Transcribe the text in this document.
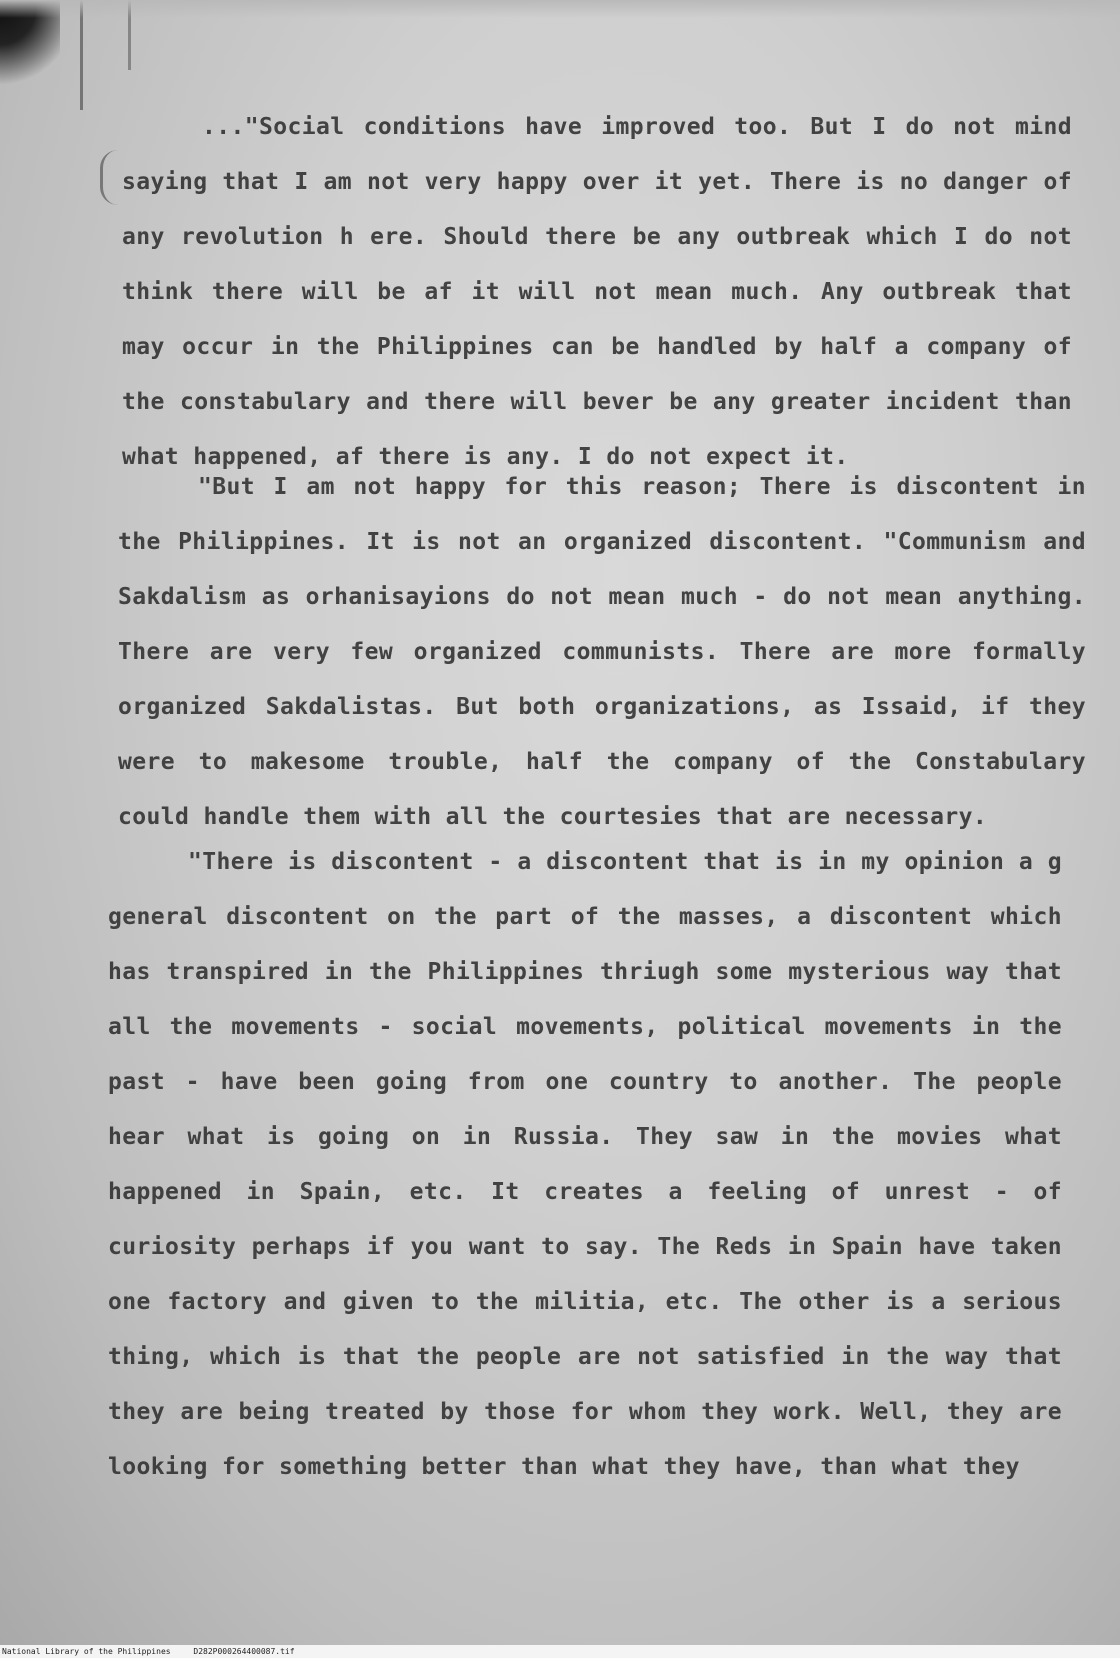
..."Social conditions have improved too. But I do not mind saying that I am not very happy over it yet. There is no danger of any revolution h ere. Should there be any outbreak which I do not think there will be af it will not mean much. Any outbreak that may occur in the Philippines can be handled by half a company of the constabulary and there will bever be any greater incident than what happened, af there is any. I do not expect it.

"But I am not happy for this reason; There is discontent in the Philippines. It is not an organized discontent. "Communism and Sakdalism as orhanisayions do not mean much - do not mean anything. There are very few organized communists. There are more formally organized Sakdalistas. But both organizations, as Issaid, if they were to makesome trouble, half the company of the Constabulary could handle them with all the courtesies that are necessary.

"There is discontent - a discontent that is in my opinion a g general discontent on the part of the masses, a discontent which has transpired in the Philippines thriugh some mysterious way that all the movements - social movements, political movements in the past - have been going from one country to another. The people hear what is going on in Russia. They saw in the movies what happened in Spain, etc. It creates a feeling of unrest - of curiosity perhaps if you want to say. The Reds in Spain have taken one factory and given to the militia, etc. The other is a serious thing, which is that the people are not satisfied in the way that they are being treated by those for whom they work. Well, they are looking for something better than what they have, than what they

National Library of the Philippines	D282P000264400087.tif
